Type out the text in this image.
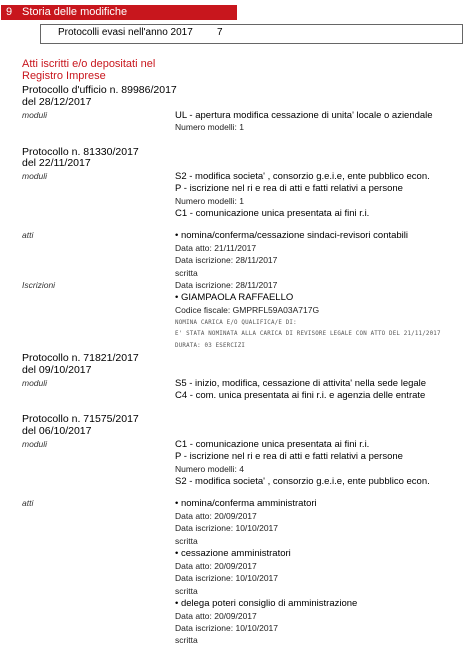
9 Storia delle modifiche
Protocolli evasi nell'anno 2017 7
Atti iscritti e/o depositati nel
Registro Imprese
Protocollo d'ufficio n. 89986/2017
del 28/12/2017
moduli	UL - apertura modifica cessazione di unita' locale o aziendale
Numero modelli: 1
Protocollo n. 81330/2017
del 22/11/2017
moduli	S2 - modifica societa' , consorzio g.e.i.e, ente pubblico econ.
P - iscrizione nel ri e rea di atti e fatti relativi a persone
Numero modelli: 1
C1 - comunicazione unica presentata ai fini r.i.
atti	• nomina/conferma/cessazione sindaci-revisori contabili
Data atto: 21/11/2017
Data iscrizione: 28/11/2017
scritta
Iscrizioni	Data iscrizione: 28/11/2017
• GIAMPAOLA RAFFAELLO
Codice fiscale: GMPRFL59A03A717G
NOMINA CARICA E/O QUALIFICA/E DI:
E' STATA NOMINATA ALLA CARICA DI REVISORE LEGALE CON ATTO DEL 21/11/2017
DURATA: 03 ESERCIZI
Protocollo n. 71821/2017
del 09/10/2017
moduli	S5 - inizio, modifica, cessazione di attivita' nella sede legale
C4 - com. unica presentata ai fini r.i. e agenzia delle entrate
Protocollo n. 71575/2017
del 06/10/2017
moduli	C1 - comunicazione unica presentata ai fini r.i.
P - iscrizione nel ri e rea di atti e fatti relativi a persone
Numero modelli: 4
S2 - modifica societa' , consorzio g.e.i.e, ente pubblico econ.
atti	• nomina/conferma amministratori
Data atto: 20/09/2017
Data iscrizione: 10/10/2017
scritta
• cessazione amministratori
Data atto: 20/09/2017
Data iscrizione: 10/10/2017
scritta
• delega poteri consiglio di amministrazione
Data atto: 20/09/2017
Data iscrizione: 10/10/2017
scritta
